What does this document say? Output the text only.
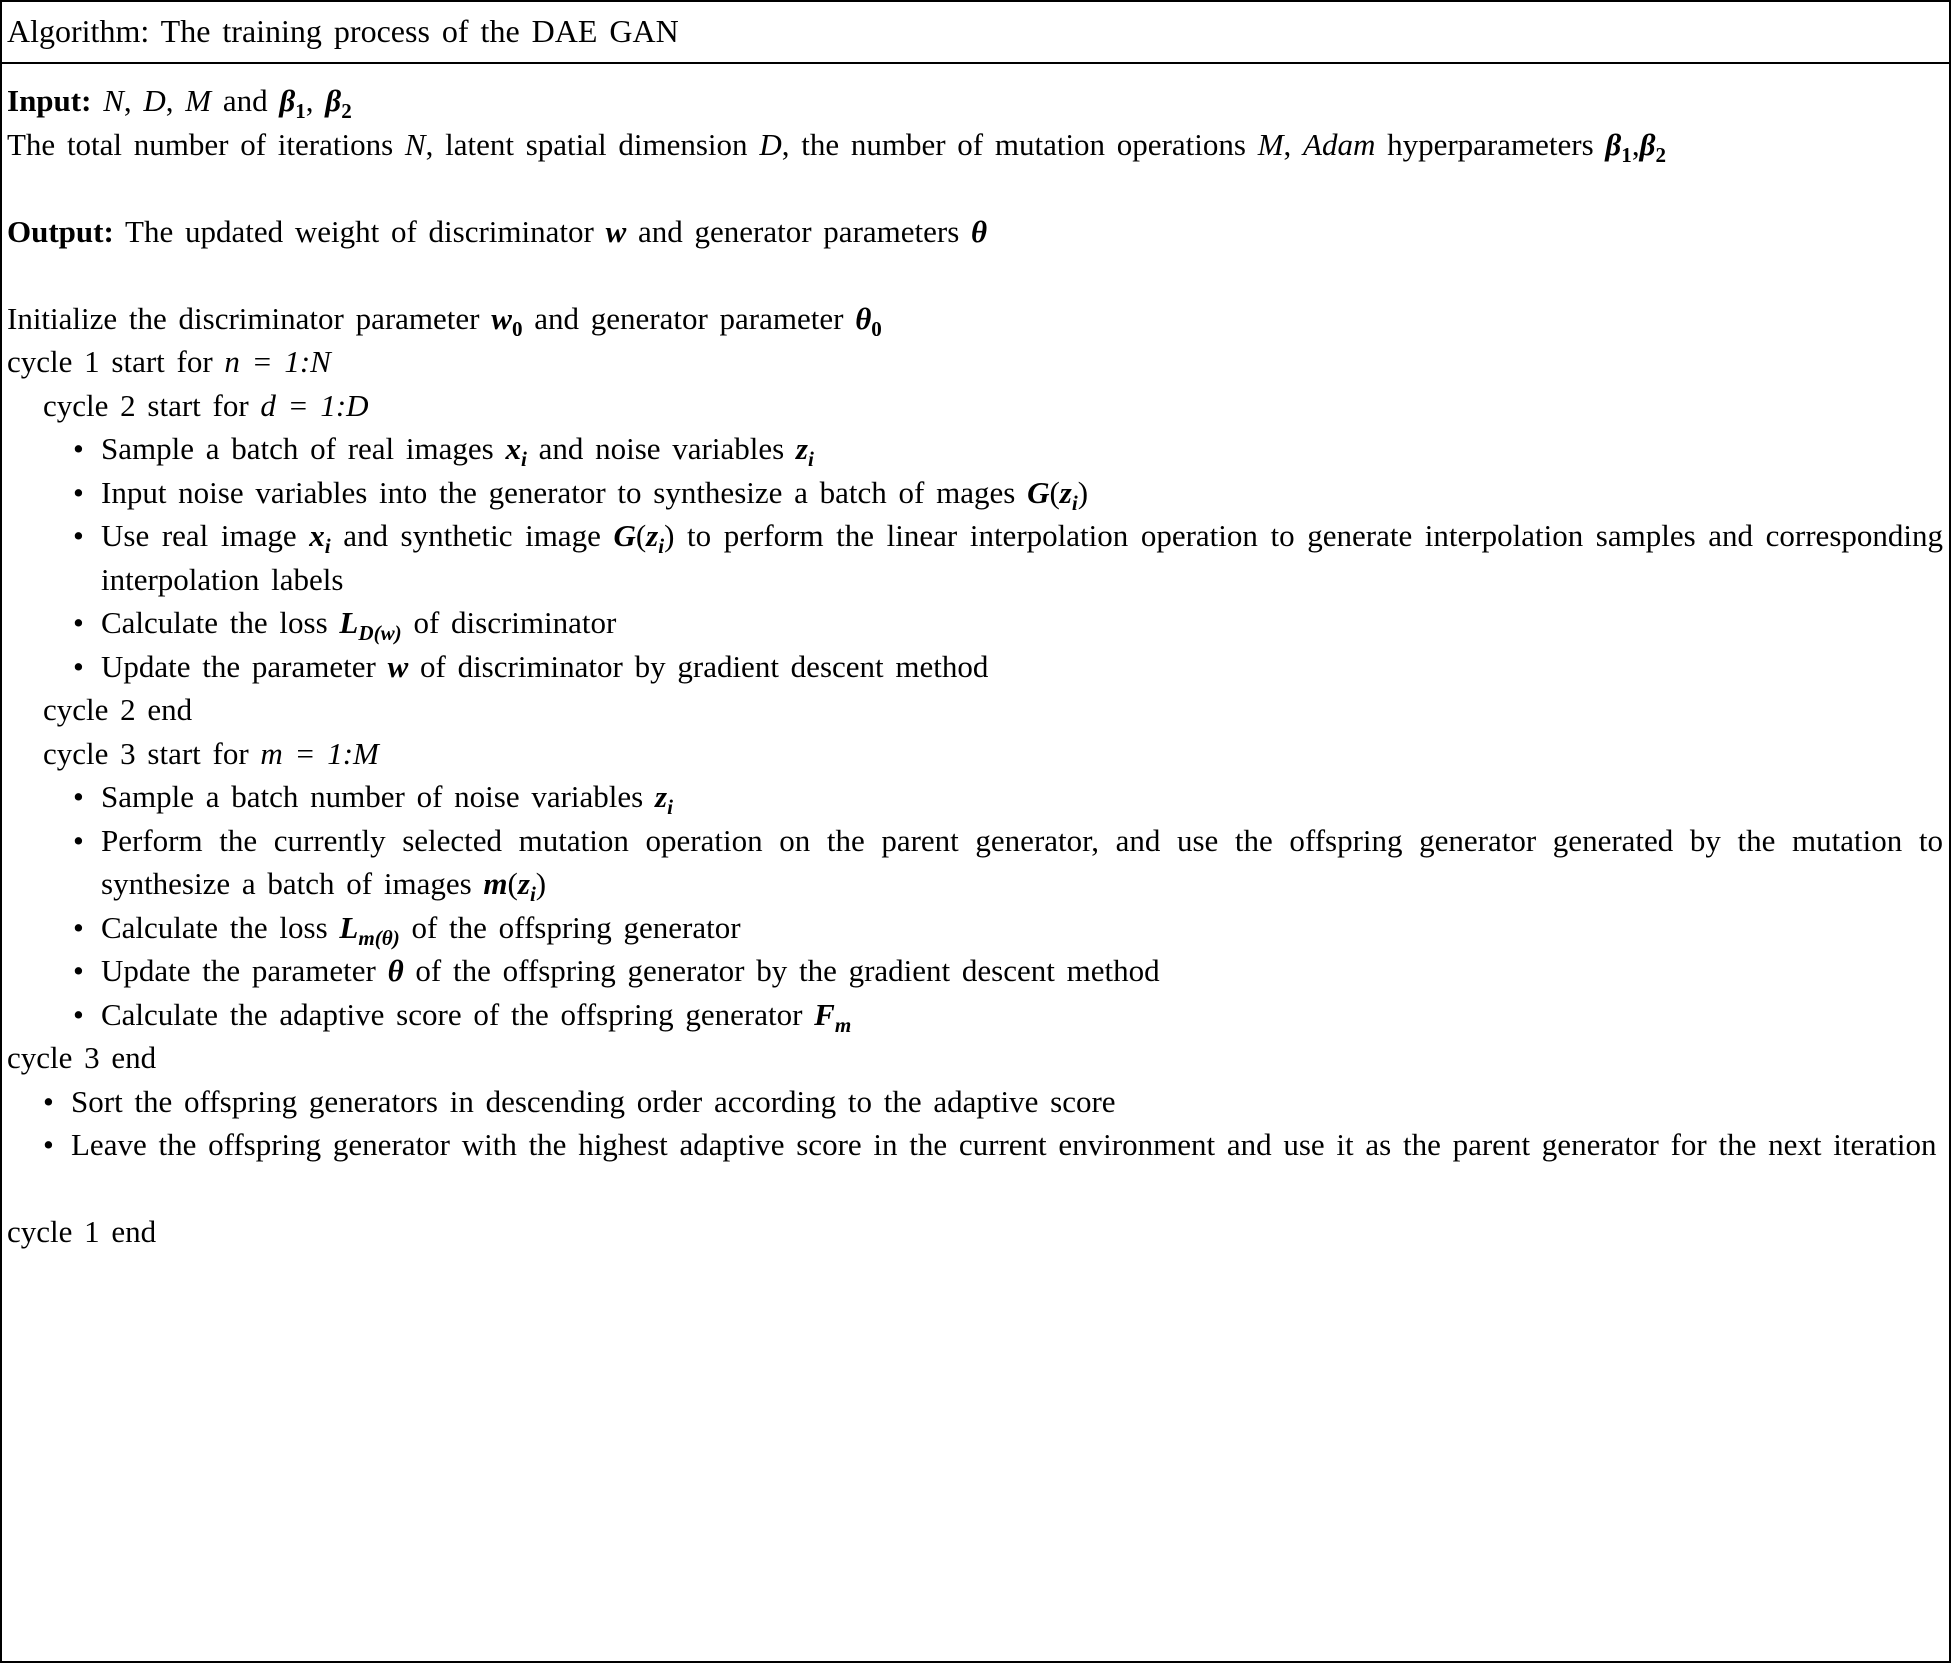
Algorithm: The training process of the DAE GAN
Input: N, D, M and $\beta_1$, $\beta_2$
The total number of iterations N, latent spatial dimension D, the number of mutation operations M, Adam hyperparameters $\beta_1,\beta_2$

Output: The updated weight of discriminator w and generator parameters θ

Initialize the discriminator parameter $w_0$ and generator parameter $\theta_0$
cycle 1 start for n = 1:N
cycle 2 start for d = 1:D
• Sample a batch of real images $x_i$ and noise variables $z_i$
• Input noise variables into the generator to synthesize a batch of mages $G(z_i)$
• Use real image $x_i$ and synthetic image $G(z_i)$ to perform the linear interpolation operation to generate interpolation samples and corresponding interpolation labels
• Calculate the loss $L_{D(w)}$ of discriminator
• Update the parameter w of discriminator by gradient descent method
cycle 2 end
cycle 3 start for m = 1:M
• Sample a batch number of noise variables $z_i$
• Perform the currently selected mutation operation on the parent generator, and use the offspring generator generated by the mutation to synthesize a batch of images $m(z_i)$
• Calculate the loss $L_{m(\theta)}$ of the offspring generator
• Update the parameter θ of the offspring generator by the gradient descent method
• Calculate the adaptive score of the offspring generator $F_m$
cycle 3 end
• Sort the offspring generators in descending order according to the adaptive score
• Leave the offspring generator with the highest adaptive score in the current environment and use it as the parent generator for the next iteration

cycle 1 end
